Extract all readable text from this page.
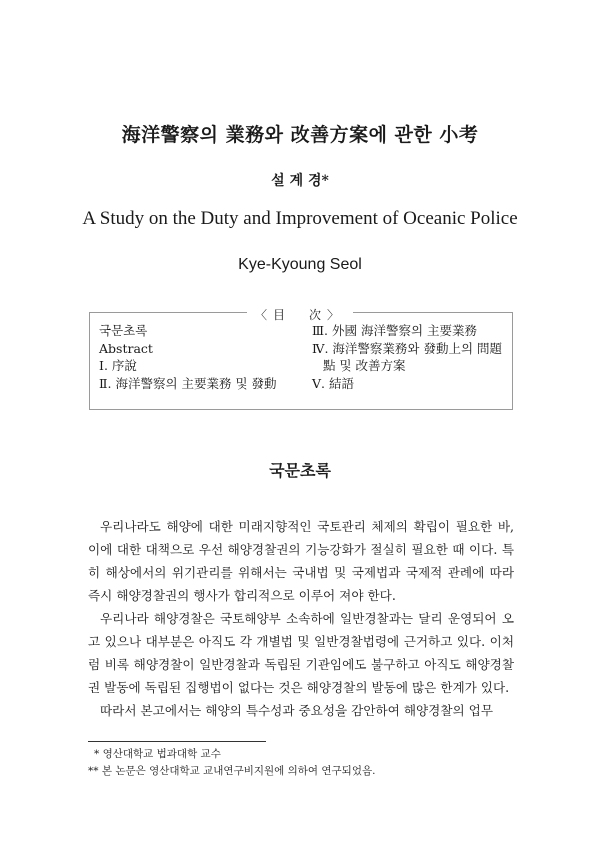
海洋警察의 業務와 改善方案에 관한 小考
설 계 경*
A Study on the Duty and Improvement of Oceanic Police
Kye-Kyoung Seol
〈目　次〉
국문초록
Abstract
Ⅰ. 序說
Ⅱ. 海洋警察의 主要業務 및 發動
Ⅲ. 外國 海洋警察의 主要業務
Ⅳ. 海洋警察業務와 發動上의 問題
點 및 改善方案
Ⅴ. 結語
국문초록

우리나라도 해양에 대한 미래지향적인 국토관리 체제의 확립이 필요한 바, 이에 대한 대책으로 우선 해양경찰권의 기능강화가 절실히 필요한 때 이다. 특히 해상에서의 위기관리를 위해서는 국내법 및 국제법과 국제적 관례에 따라 즉시 해양경찰권의 행사가 합리적으로 이루어 져야 한다.

우리나라 해양경찰은 국토해양부 소속하에 일반경찰과는 달리 운영되어 오고 있으나 대부분은 아직도 각 개별법 및 일반경찰법령에 근거하고 있다. 이처럼 비록 해양경찰이 일반경찰과 독립된 기관임에도 불구하고 아직도 해양경찰권 발동에 독립된 집행법이 없다는 것은 해양경찰의 발동에 많은 한계가 있다.

따라서 본고에서는 해양의 특수성과 중요성을 감안하여 해양경찰의 업무

* 영산대학교 법과대학 교수
** 본 논문은 영산대학교 교내연구비지원에 의하여 연구되었음.
